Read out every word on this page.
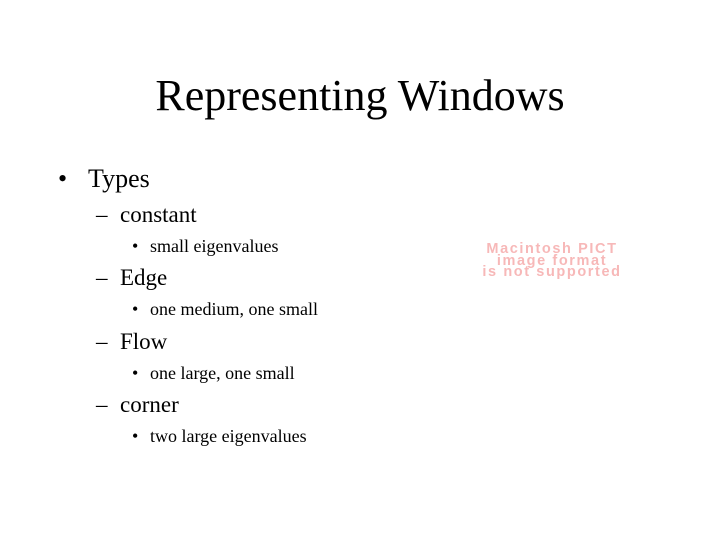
Representing Windows
• Types
– constant
• small eigenvalues
– Edge
• one medium, one small
– Flow
• one large, one small
– corner
• two large eigenvalues
Macintosh PICT
image format
is not supported
